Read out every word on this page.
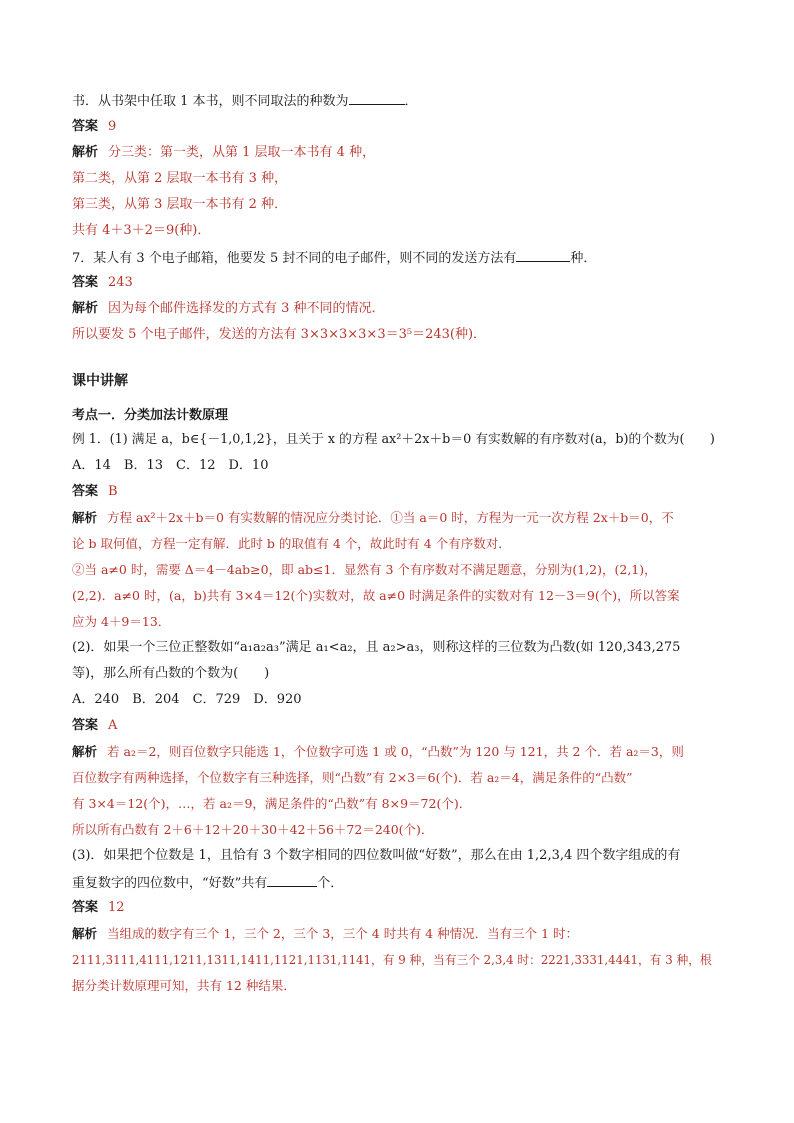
书．从书架中任取 1 本书，则不同取法的种数为	．
答案 9
解析 分三类：第一类，从第 1 层取一本书有 4 种，
第二类，从第 2 层取一本书有 3 种，
第三类，从第 3 层取一本书有 2 种．
共有 4＋3＋2＝9(种)．
7．某人有 3 个电子邮箱，他要发 5 封不同的电子邮件，则不同的发送方法有	种．
答案 243
解析 因为每个邮件选择发的方式有 3 种不同的情况．
所以要发 5 个电子邮件，发送的方法有 3×3×3×3×3＝3⁵＝243(种)．
课中讲解
考点一．分类加法计数原理
例 1．(1) 满足 a，b∈{－1,0,1,2}，且关于 x 的方程 ax²＋2x＋b＝0 有实数解的有序数对(a，b)的个数为(　　)
A．14　B．13　C．12　D．10
答案 B
解析 方程 ax²＋2x＋b＝0 有实数解的情况应分类讨论．①当 a＝0 时，方程为一元一次方程 2x＋b＝0，不
论 b 取何值，方程一定有解．此时 b 的取值有 4 个，故此时有 4 个有序数对．
②当 a≠0 时，需要 Δ＝4－4ab≥0，即 ab≤1．显然有 3 个有序数对不满足题意，分别为(1,2)，(2,1)，
(2,2)．a≠0 时，(a，b)共有 3×4＝12(个)实数对，故 a≠0 时满足条件的实数对有 12－3＝9(个)，所以答案
应为 4＋9＝13．
(2)．如果一个三位正整数如“a₁a₂a₃”满足 a₁<a₂，且 a₂>a₃，则称这样的三位数为凸数(如 120,343,275
等)，那么所有凸数的个数为(　　)
A．240　B．204　C．729　D．920
答案 A
解析 若 a₂＝2，则百位数字只能选 1，个位数字可选 1 或 0，“凸数”为 120 与 121，共 2 个．若 a₂＝3，则
百位数字有两种选择，个位数字有三种选择，则“凸数”有 2×3＝6(个)．若 a₂＝4，满足条件的“凸数”
有 3×4＝12(个)，…，若 a₂＝9，满足条件的“凸数”有 8×9＝72(个)．
所以所有凸数有 2＋6＋12＋20＋30＋42＋56＋72＝240(个)．
(3)．如果把个位数是 1，且恰有 3 个数字相同的四位数叫做“好数”，那么在由 1,2,3,4 四个数字组成的有
重复数字的四位数中，“好数”共有	个．
答案 12
解析 当组成的数字有三个 1，三个 2，三个 3，三个 4 时共有 4 种情况．当有三个 1 时：
2111,3111,4111,1211,1311,1411,1121,1131,1141，有 9 种，当有三个 2,3,4 时：2221,3331,4441，有 3 种，根
据分类计数原理可知，共有 12 种结果．
